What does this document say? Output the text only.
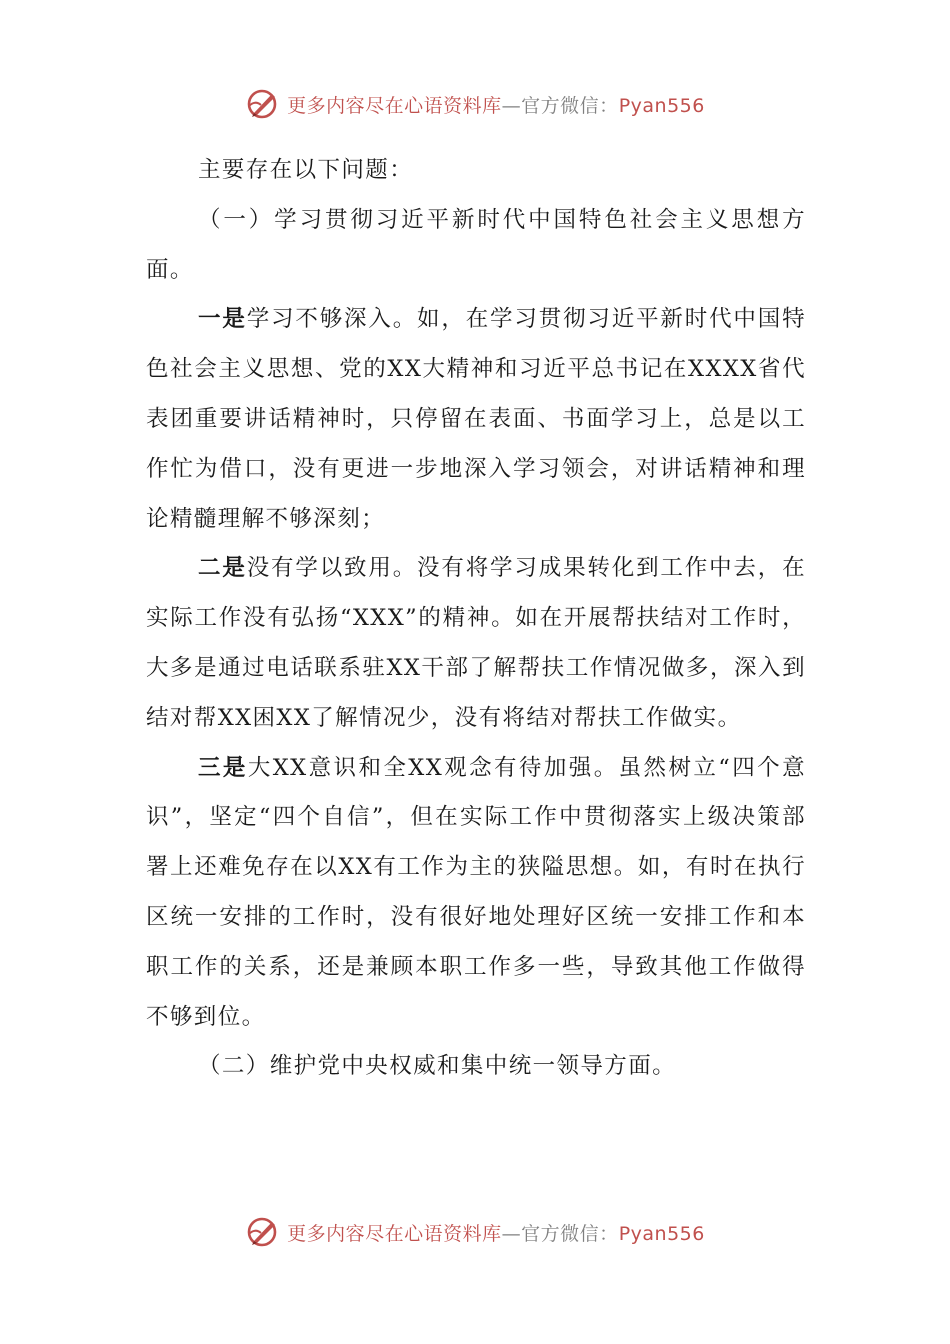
更多内容尽在心语资料库—官方微信：Pyan556

主要存在以下问题：

（一）学习贯彻习近平新时代中国特色社会主义思想方面。

一是学习不够深入。如，在学习贯彻习近平新时代中国特色社会主义思想、党的XX大精神和习近平总书记在XXXX省代表团重要讲话精神时，只停留在表面、书面学习上，总是以工作忙为借口，没有更进一步地深入学习领会，对讲话精神和理论精髓理解不够深刻；

二是没有学以致用。没有将学习成果转化到工作中去，在实际工作没有弘扬“XXX”的精神。如在开展帮扶结对工作时，大多是通过电话联系驻XX干部了解帮扶工作情况做多，深入到结对帮XX困XX了解情况少，没有将结对帮扶工作做实。

三是大XX意识和全XX观念有待加强。虽然树立“四个意识”，坚定“四个自信”，但在实际工作中贯彻落实上级决策部署上还难免存在以XX有工作为主的狭隘思想。如，有时在执行区统一安排的工作时，没有很好地处理好区统一安排工作和本职工作的关系，还是兼顾本职工作多一些，导致其他工作做得不够到位。

（二）维护党中央权威和集中统一领导方面。

更多内容尽在心语资料库—官方微信：Pyan556
